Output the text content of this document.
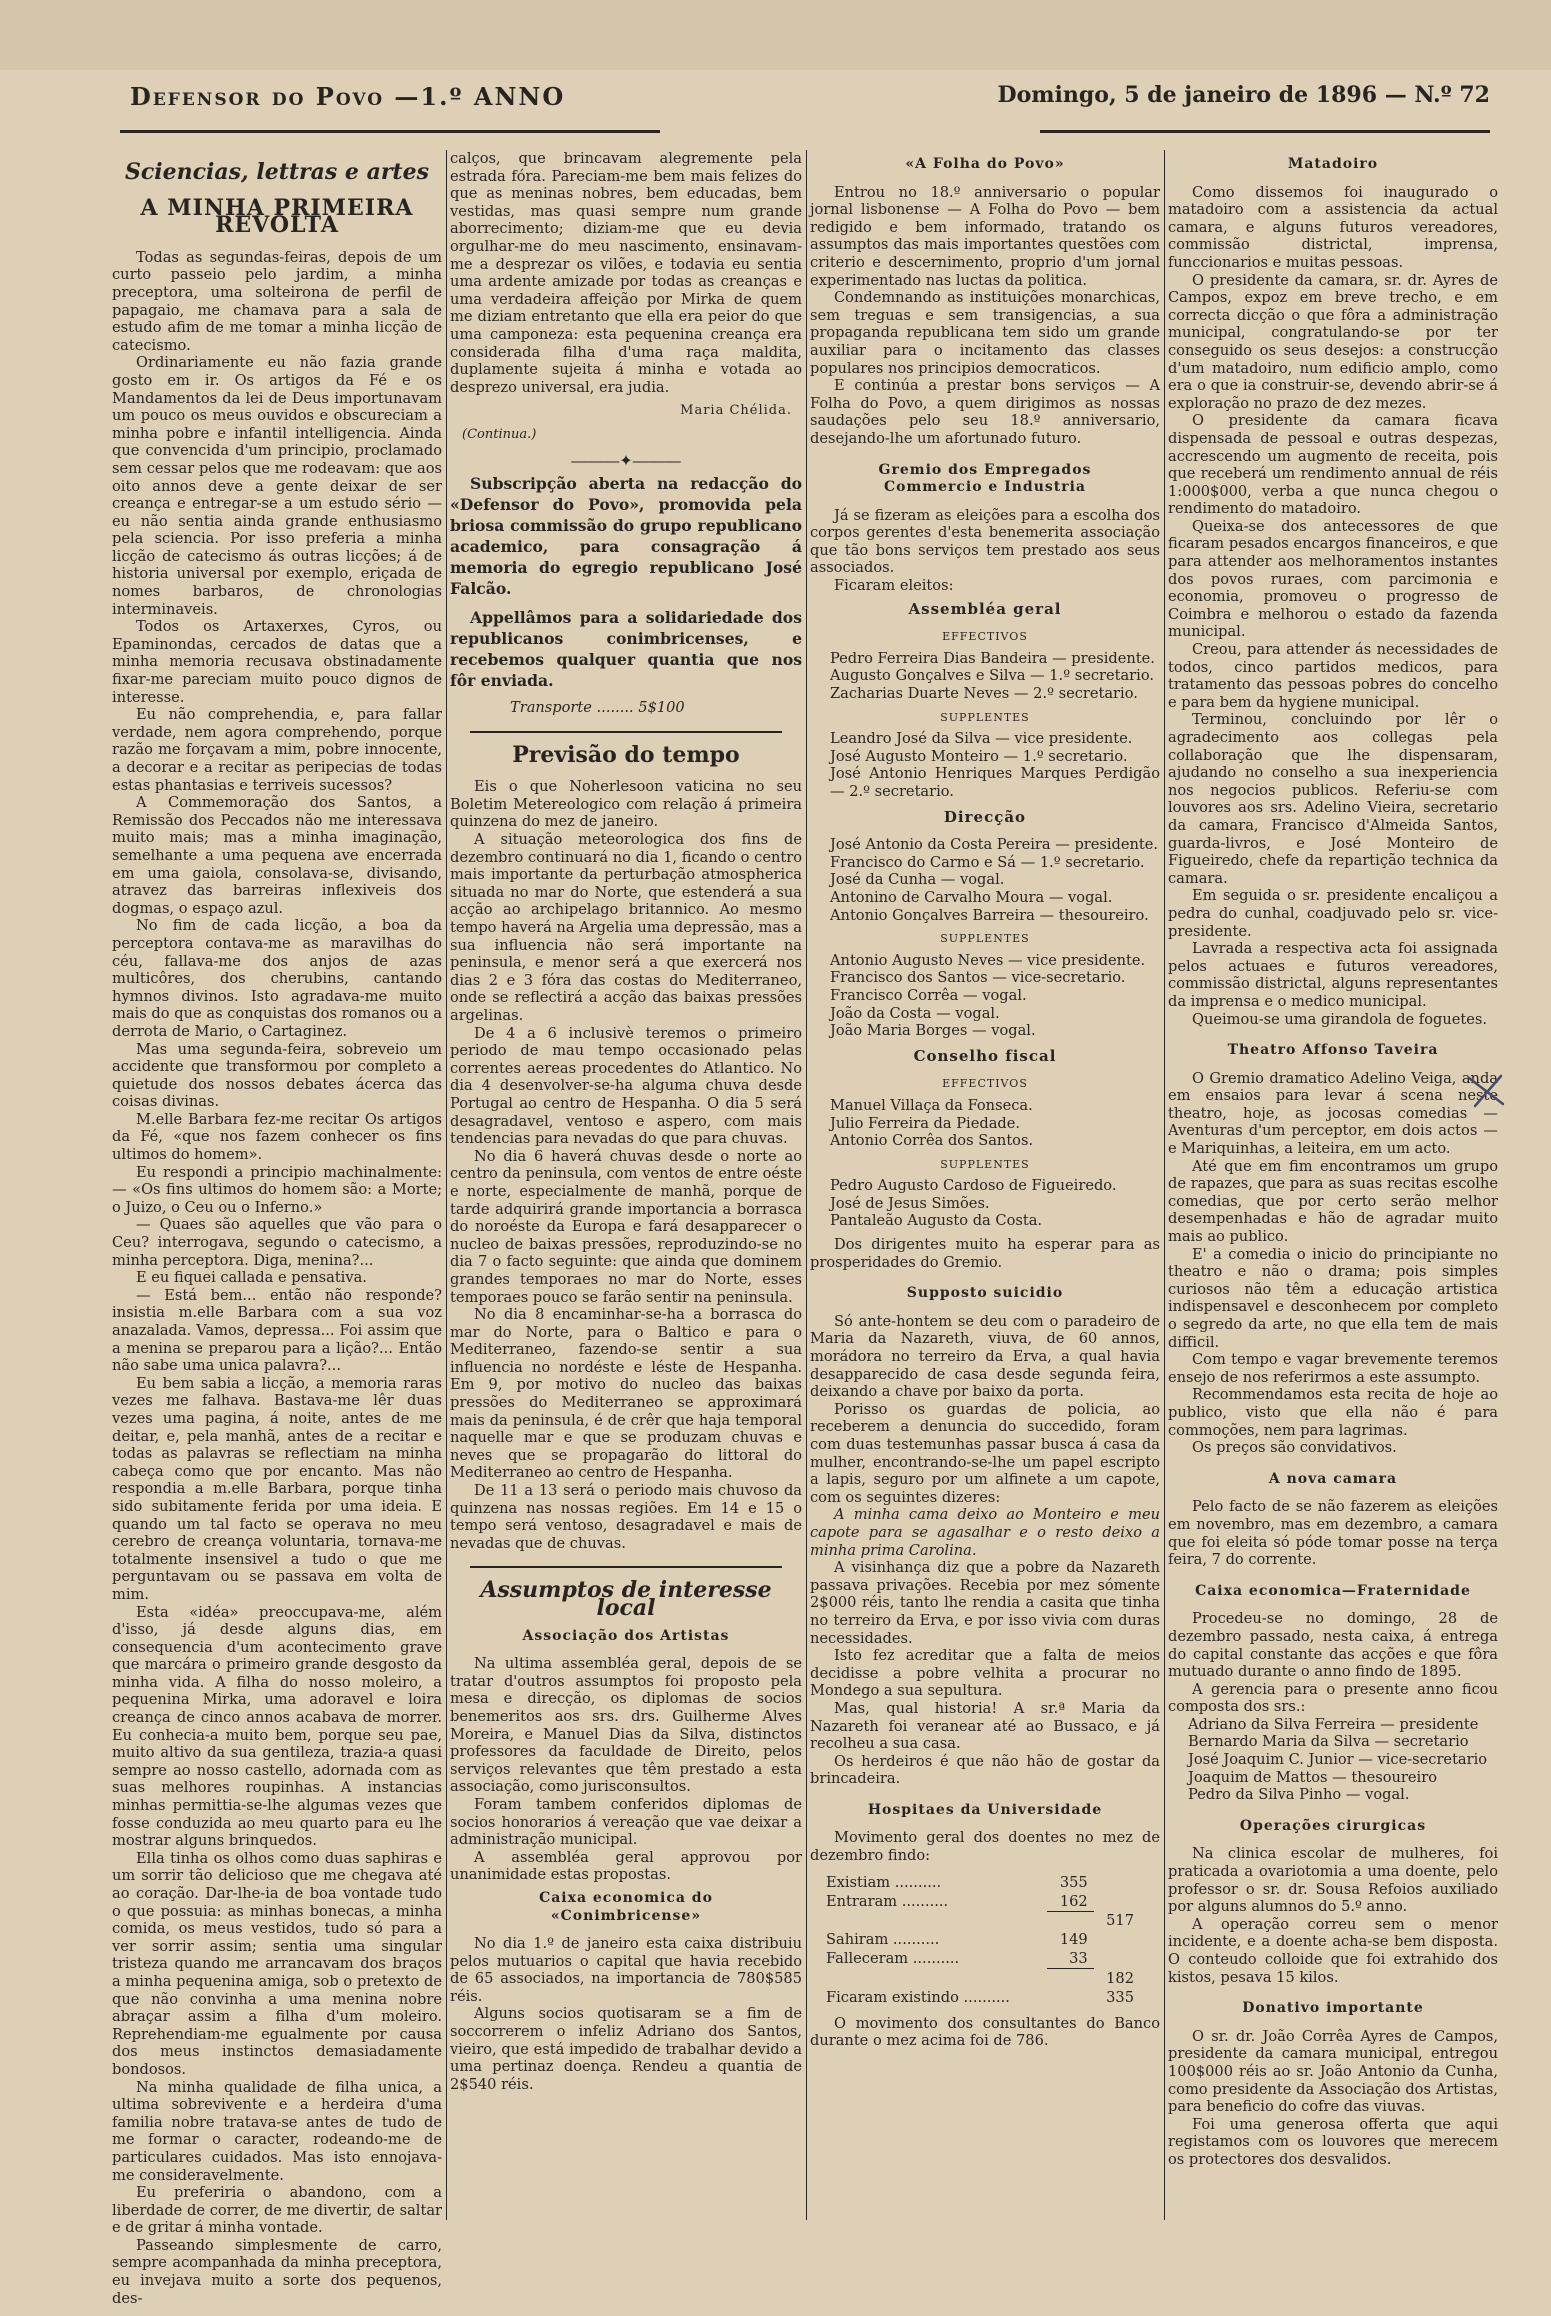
Defensor do Povo —1.º ANNO	Domingo, 5 de janeiro de 1896 — N.º 72
Sciencias, lettras e artes
A MINHA PRIMEIRA REVOLTA

Todas as segundas-feiras, depois de um curto passeio pelo jardim, a minha preceptora, uma solteirona de perfil de papagaio, me chamava para a sala de estudo afim de me tomar a minha licção de catecismo.

Ordinariamente eu não fazia grande gosto em ir. Os artigos da Fé e os Mandamentos da lei de Deus importunavam um pouco os meus ouvidos e obscureciam a minha pobre e infantil intelligencia. Ainda que convencida d'um principio, proclamado sem cessar pelos que me rodeavam: que aos oito annos deve a gente deixar de ser creança e entregar-se a um estudo sério — eu não sentia ainda grande enthusiasmo pela sciencia. Por isso preferia a minha licção de catecismo ás outras licções; á de historia universal por exemplo, eriçada de nomes barbaros, de chronologias interminaveis.

Todos os Artaxerxes, Cyros, ou Epaminondas, cercados de datas que a minha memoria recusava obstinadamente fixar-me pareciam muito pouco dignos de interesse.

Eu não comprehendia, e, para fallar verdade, nem agora comprehendo, porque razão me forçavam a mim, pobre innocente, a decorar e a recitar as peripecias de todas estas phantasias e terriveis sucessos?

A Commemoração dos Santos, a Remissão dos Peccados não me interessava muito mais; mas a minha imaginação, semelhante a uma pequena ave encerrada em uma gaiola, consolava-se, divisando, atravez das barreiras inflexiveis dos dogmas, o espaço azul.

No fim de cada licção, a boa da perceptora contava-me as maravilhas do céu, fallava-me dos anjos de azas multicôres, dos cherubins, cantando hymnos divinos. Isto agradava-me muito mais do que as conquistas dos romanos ou a derrota de Mario, o Cartaginez.

Mas uma segunda-feira, sobreveio um accidente que transformou por completo a quietude dos nossos debates ácerca das coisas divinas.

M.elle Barbara fez-me recitar Os artigos da Fé, «que nos fazem conhecer os fins ultimos do homem».

Eu respondi a principio machinalmente: — «Os fins ultimos do homem são: a Morte; o Juizo, o Ceu ou o Inferno.»

— Quaes são aquelles que vão para o Ceu? interrogava, segundo o catecismo, a minha perceptora. Diga, menina?...

E eu fiquei callada e pensativa.

— Está bem... então não responde? insistia m.elle Barbara com a sua voz anazalada. Vamos, depressa... Foi assim que a menina se preparou para a lição?... Então não sabe uma unica palavra?...

Eu bem sabia a licção, a memoria raras vezes me falhava. Bastava-me lêr duas vezes uma pagina, á noite, antes de me deitar, e, pela manhã, antes de a recitar e todas as palavras se reflectiam na minha cabeça como que por encanto. Mas não respondia a m.elle Barbara, porque tinha sido subitamente ferida por uma ideia. E quando um tal facto se operava no meu cerebro de creança voluntaria, tornava-me totalmente insensivel a tudo o que me perguntavam ou se passava em volta de mim.

Esta «idéa» preoccupava-me, além d'isso, já desde alguns dias, em consequencia d'um acontecimento grave que marcára o primeiro grande desgosto da minha vida. A filha do nosso moleiro, a pequenina Mirka, uma adoravel e loira creança de cinco annos acabava de morrer. Eu conhecia-a muito bem, porque seu pae, muito altivo da sua gentileza, trazia-a quasi sempre ao nosso castello, adornada com as suas melhores roupinhas. A instancias minhas permittia-se-lhe algumas vezes que fosse conduzida ao meu quarto para eu lhe mostrar alguns brinquedos.

Ella tinha os olhos como duas saphiras e um sorrir tão delicioso que me chegava até ao coração. Dar-lhe-ia de boa vontade tudo o que possuia: as minhas bonecas, a minha comida, os meus vestidos, tudo só para a ver sorrir assim; sentia uma singular tristeza quando me arrancavam dos braços a minha pequenina amiga, sob o pretexto de que não convinha a uma menina nobre abraçar assim a filha d'um moleiro. Reprehendiam-me egualmente por causa dos meus instinctos demasiadamente bondosos.

Na minha qualidade de filha unica, a ultima sobrevivente e a herdeira d'uma familia nobre tratava-se antes de tudo de me formar o caracter, rodeando-me de particulares cuidados. Mas isto ennojava-me consideravelmente.

Eu preferiria o abandono, com a liberdade de correr, de me divertir, de saltar e de gritar á minha vontade.

Passeando simplesmente de carro, sempre acompanhada da minha preceptora, eu invejava muito a sorte dos pequenos, des-

calços, que brincavam alegremente pela estrada fóra. Pareciam-me bem mais felizes do que as meninas nobres, bem educadas, bem vestidas, mas quasi sempre num grande aborrecimento; diziam-me que eu devia orgulhar-me do meu nascimento, ensinavam-me a desprezar os vilões, e todavia eu sentia uma ardente amizade por todas as creanças e uma verdadeira affeição por Mirka de quem me diziam entretanto que ella era peior do que uma camponeza: esta pequenina creança era considerada filha d'uma raça maldita, duplamente sujeita á minha e votada ao desprezo universal, era judia.

Maria Chélida.
(Continua.)
―――✦―――

Subscripção aberta na redacção do «Defensor do Povo», promovida pela briosa commissão do grupo republicano academico, para consagração á memoria do egregio republicano José Falcão.

Appellâmos para a solidariedade dos republicanos conimbricenses, e recebemos qualquer quantia que nos fôr enviada.

Transporte ........ 5$100
Previsão do tempo

Eis o que Noherlesoon vaticina no seu Boletim Metereologico com relação á primeira quinzena do mez de janeiro.

A situação meteorologica dos fins de dezembro continuará no dia 1, ficando o centro mais importante da perturbação atmospherica situada no mar do Norte, que estenderá a sua acção ao archipelago britannico. Ao mesmo tempo haverá na Argelia uma depressão, mas a sua influencia não será importante na peninsula, e menor será a que exercerá nos dias 2 e 3 fóra das costas do Mediterraneo, onde se reflectirá a acção das baixas pressões argelinas.

De 4 a 6 inclusivè teremos o primeiro periodo de mau tempo occasionado pelas correntes aereas procedentes do Atlantico. No dia 4 desenvolver-se-ha alguma chuva desde Portugal ao centro de Hespanha. O dia 5 será desagradavel, ventoso e aspero, com mais tendencias para nevadas do que para chuvas.

No dia 6 haverá chuvas desde o norte ao centro da peninsula, com ventos de entre oéste e norte, especialmente de manhã, porque de tarde adquirirá grande importancia a borrasca do noroéste da Europa e fará desapparecer o nucleo de baixas pressões, reproduzindo-se no dia 7 o facto seguinte: que ainda que dominem grandes temporaes no mar do Norte, esses temporaes pouco se farão sentir na peninsula.

No dia 8 encaminhar-se-ha a borrasca do mar do Norte, para o Baltico e para o Mediterraneo, fazendo-se sentir a sua influencia no nordéste e léste de Hespanha. Em 9, por motivo do nucleo das baixas pressões do Mediterraneo se approximará mais da peninsula, é de crêr que haja temporal naquelle mar e que se produzam chuvas e neves que se propagarão do littoral do Mediterraneo ao centro de Hespanha.

De 11 a 13 será o periodo mais chuvoso da quinzena nas nossas regiões. Em 14 e 15 o tempo será ventoso, desagradavel e mais de nevadas que de chuvas.

Assumptos de interesse local
Associação dos Artistas

Na ultima assembléa geral, depois de se tratar d'outros assumptos foi proposto pela mesa e direcção, os diplomas de socios benemeritos aos srs. drs. Guilherme Alves Moreira, e Manuel Dias da Silva, distinctos professores da faculdade de Direito, pelos serviços relevantes que têm prestado a esta associação, como jurisconsultos.

Foram tambem conferidos diplomas de socios honorarios á vereação que vae deixar a administração municipal.

A assembléa geral approvou por unanimidade estas propostas.

Caixa economica do
«Conimbricense»

No dia 1.º de janeiro esta caixa distribuiu pelos mutuarios o capital que havia recebido de 65 associados, na importancia de 780$585 réis.

Alguns socios quotisaram se a fim de soccorrerem o infeliz Adriano dos Santos, vieiro, que está impedido de trabalhar devido a uma pertinaz doença. Rendeu a quantia de 2$540 réis.

«A Folha do Povo»

Entrou no 18.º anniversario o popular jornal lisbonense — A Folha do Povo — bem redigido e bem informado, tratando os assumptos das mais importantes questões com criterio e descernimento, proprio d'um jornal experimentado nas luctas da politica.

Condemnando as instituições monarchicas, sem treguas e sem transigencias, a sua propaganda republicana tem sido um grande auxiliar para o incitamento das classes populares nos principios democraticos.

E continúa a prestar bons serviços — A Folha do Povo, a quem dirigimos as nossas saudações pelo seu 18.º anniversario, desejando-lhe um afortunado futuro.

Gremio dos Empregados
Commercio e Industria

Já se fizeram as eleições para a escolha dos corpos gerentes d'esta benemerita associação que tão bons serviços tem prestado aos seus associados.

Ficaram eleitos:

Assembléa geral
EFFECTIVOS

Pedro Ferreira Dias Bandeira — presidente.

Augusto Gonçalves e Silva — 1.º secretario.

Zacharias Duarte Neves — 2.º secretario.

SUPPLENTES

Leandro José da Silva — vice presidente.

José Augusto Monteiro — 1.º secretario.

José Antonio Henriques Marques Perdigão — 2.º secretario.

Direcção

José Antonio da Costa Pereira — presidente.

Francisco do Carmo e Sá — 1.º secretario.

José da Cunha — vogal.

Antonino de Carvalho Moura — vogal.

Antonio Gonçalves Barreira — thesoureiro.

SUPPLENTES

Antonio Augusto Neves — vice presidente.

Francisco dos Santos — vice-secretario.

Francisco Corrêa — vogal.

João da Costa — vogal.

João Maria Borges — vogal.

Conselho fiscal
EFFECTIVOS

Manuel Villaça da Fonseca.

Julio Ferreira da Piedade.

Antonio Corrêa dos Santos.

SUPPLENTES

Pedro Augusto Cardoso de Figueiredo.

José de Jesus Simões.

Pantaleão Augusto da Costa.

Dos dirigentes muito ha esperar para as prosperidades do Gremio.

Supposto suicidio

Só ante-hontem se deu com o paradeiro de Maria da Nazareth, viuva, de 60 annos, morádora no terreiro da Erva, a qual havia desapparecido de casa desde segunda feira, deixando a chave por baixo da porta.

Porisso os guardas de policia, ao receberem a denuncia do succedido, foram com duas testemunhas passar busca á casa da mulher, encontrando-se-lhe um papel escripto a lapis, seguro por um alfinete a um capote, com os seguintes dizeres:

A minha cama deixo ao Monteiro e meu capote para se agasalhar e o resto deixo a minha prima Carolina.

A visinhança diz que a pobre da Nazareth passava privações. Recebia por mez sómente 2$000 réis, tanto lhe rendia a casita que tinha no terreiro da Erva, e por isso vivia com duras necessidades.

Isto fez acreditar que a falta de meios decidisse a pobre velhita a procurar no Mondego a sua sepultura.

Mas, qual historia! A sr.ª Maria da Nazareth foi veranear até ao Bussaco, e já recolheu a sua casa.

Os herdeiros é que não hão de gostar da brincadeira.

Hospitaes da Universidade

Movimento geral dos doentes no mez de dezembro findo:

Existiam ..........	355	
Entraram ..........	162	
		517
Sahiram ..........	149	
Falleceram ..........	33	
		182
Ficaram existindo ..........		335

O movimento dos consultantes do Banco durante o mez acima foi de 786.

Matadoiro

Como dissemos foi inaugurado o matadoiro com a assistencia da actual camara, e alguns futuros vereadores, commissão districtal, imprensa, funccionarios e muitas pessoas.

O presidente da camara, sr. dr. Ayres de Campos, expoz em breve trecho, e em correcta dicção o que fôra a administração municipal, congratulando-se por ter conseguido os seus desejos: a construcção d'um matadoiro, num edificio amplo, como era o que ia construir-se, devendo abrir-se á exploração no prazo de dez mezes.

O presidente da camara ficava dispensada de pessoal e outras despezas, accrescendo um augmento de receita, pois que receberá um rendimento annual de réis 1:000$000, verba a que nunca chegou o rendimento do matadoiro.

Queixa-se dos antecessores de que ficaram pesados encargos financeiros, e que para attender aos melhoramentos instantes dos povos ruraes, com parcimonia e economia, promoveu o progresso de Coimbra e melhorou o estado da fazenda municipal.

Creou, para attender ás necessidades de todos, cinco partidos medicos, para tratamento das pessoas pobres do concelho e para bem da hygiene municipal.

Terminou, concluindo por lêr o agradecimento aos collegas pela collaboração que lhe dispensaram, ajudando no conselho a sua inexperiencia nos negocios publicos. Referiu-se com louvores aos srs. Adelino Vieira, secretario da camara, Francisco d'Almeida Santos, guarda-livros, e José Monteiro de Figueiredo, chefe da repartição technica da camara.

Em seguida o sr. presidente encaliçou a pedra do cunhal, coadjuvado pelo sr. vice-presidente.

Lavrada a respectiva acta foi assignada pelos actuaes e futuros vereadores, commissão districtal, alguns representantes da imprensa e o medico municipal.

Queimou-se uma girandola de foguetes.

Theatro Affonso Taveira

O Gremio dramatico Adelino Veiga, anda em ensaios para levar á scena neste theatro, hoje, as jocosas comedias — Aventuras d'um perceptor, em dois actos — e Mariquinhas, a leiteira, em um acto.

Até que em fim encontramos um grupo de rapazes, que para as suas recitas escolhe comedias, que por certo serão melhor desempenhadas e hão de agradar muito mais ao publico.

E' a comedia o inicio do principiante no theatro e não o drama; pois simples curiosos não têm a educação artistica indispensavel e desconhecem por completo o segredo da arte, no que ella tem de mais difficil.

Com tempo e vagar brevemente teremos ensejo de nos referirmos a este assumpto.

Recommendamos esta recita de hoje ao publico, visto que ella não é para commoções, nem para lagrimas.

Os preços são convidativos.

A nova camara

Pelo facto de se não fazerem as eleições em novembro, mas em dezembro, a camara que foi eleita só póde tomar posse na terça feira, 7 do corrente.

Caixa economica—Fraternidade

Procedeu-se no domingo, 28 de dezembro passado, nesta caixa, á entrega do capital constante das acções e que fôra mutuado durante o anno findo de 1895.

A gerencia para o presente anno ficou composta dos srs.:

Adriano da Silva Ferreira — presidente

Bernardo Maria da Silva — secretario

José Joaquim C. Junior — vice-secretario

Joaquim de Mattos — thesoureiro

Pedro da Silva Pinho — vogal.

Operações cirurgicas

Na clinica escolar de mulheres, foi praticada a ovariotomia a uma doente, pelo professor o sr. dr. Sousa Refoios auxiliado por alguns alumnos do 5.º anno.

A operação correu sem o menor incidente, e a doente acha-se bem disposta. O conteudo colloide que foi extrahido dos kistos, pesava 15 kilos.

Donativo importante

O sr. dr. João Corrêa Ayres de Campos, presidente da camara municipal, entregou 100$000 réis ao sr. João Antonio da Cunha, como presidente da Associação dos Artistas, para beneficio do cofre das viuvas.

Foi uma generosa offerta que aqui registamos com os louvores que merecem os protectores dos desvalidos.
